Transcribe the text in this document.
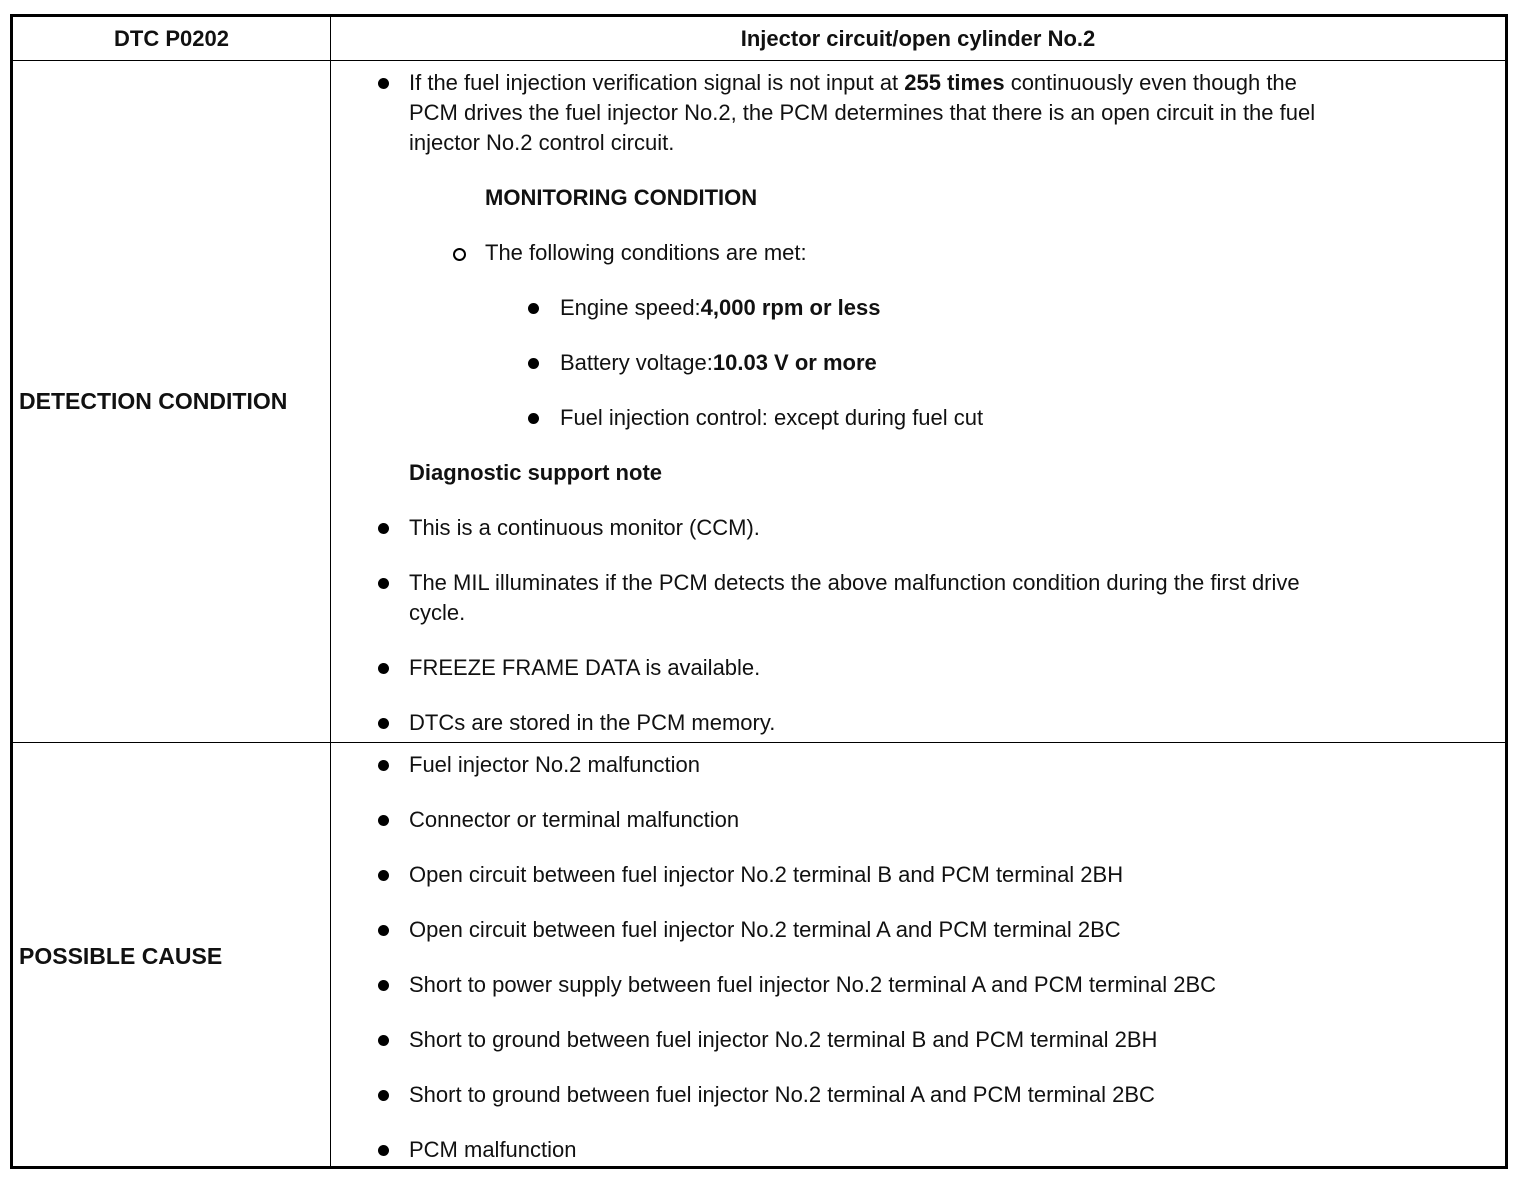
DTC P0202	Injector circuit/open cylinder No.2
DETECTION CONDITION
If the fuel injection verification signal is not input at 255 times continuously even though the
PCM drives the fuel injector No.2, the PCM determines that there is an open circuit in the fuel
injector No.2 control circuit.
MONITORING CONDITION
The following conditions are met:
Engine speed:4,000 rpm or less
Battery voltage:10.03 V or more
Fuel injection control: except during fuel cut
Diagnostic support note
This is a continuous monitor (CCM).
The MIL illuminates if the PCM detects the above malfunction condition during the first drive
cycle.
FREEZE FRAME DATA is available.
DTCs are stored in the PCM memory.
POSSIBLE CAUSE
Fuel injector No.2 malfunction
Connector or terminal malfunction
Open circuit between fuel injector No.2 terminal B and PCM terminal 2BH
Open circuit between fuel injector No.2 terminal A and PCM terminal 2BC
Short to power supply between fuel injector No.2 terminal A and PCM terminal 2BC
Short to ground between fuel injector No.2 terminal B and PCM terminal 2BH
Short to ground between fuel injector No.2 terminal A and PCM terminal 2BC
PCM malfunction
